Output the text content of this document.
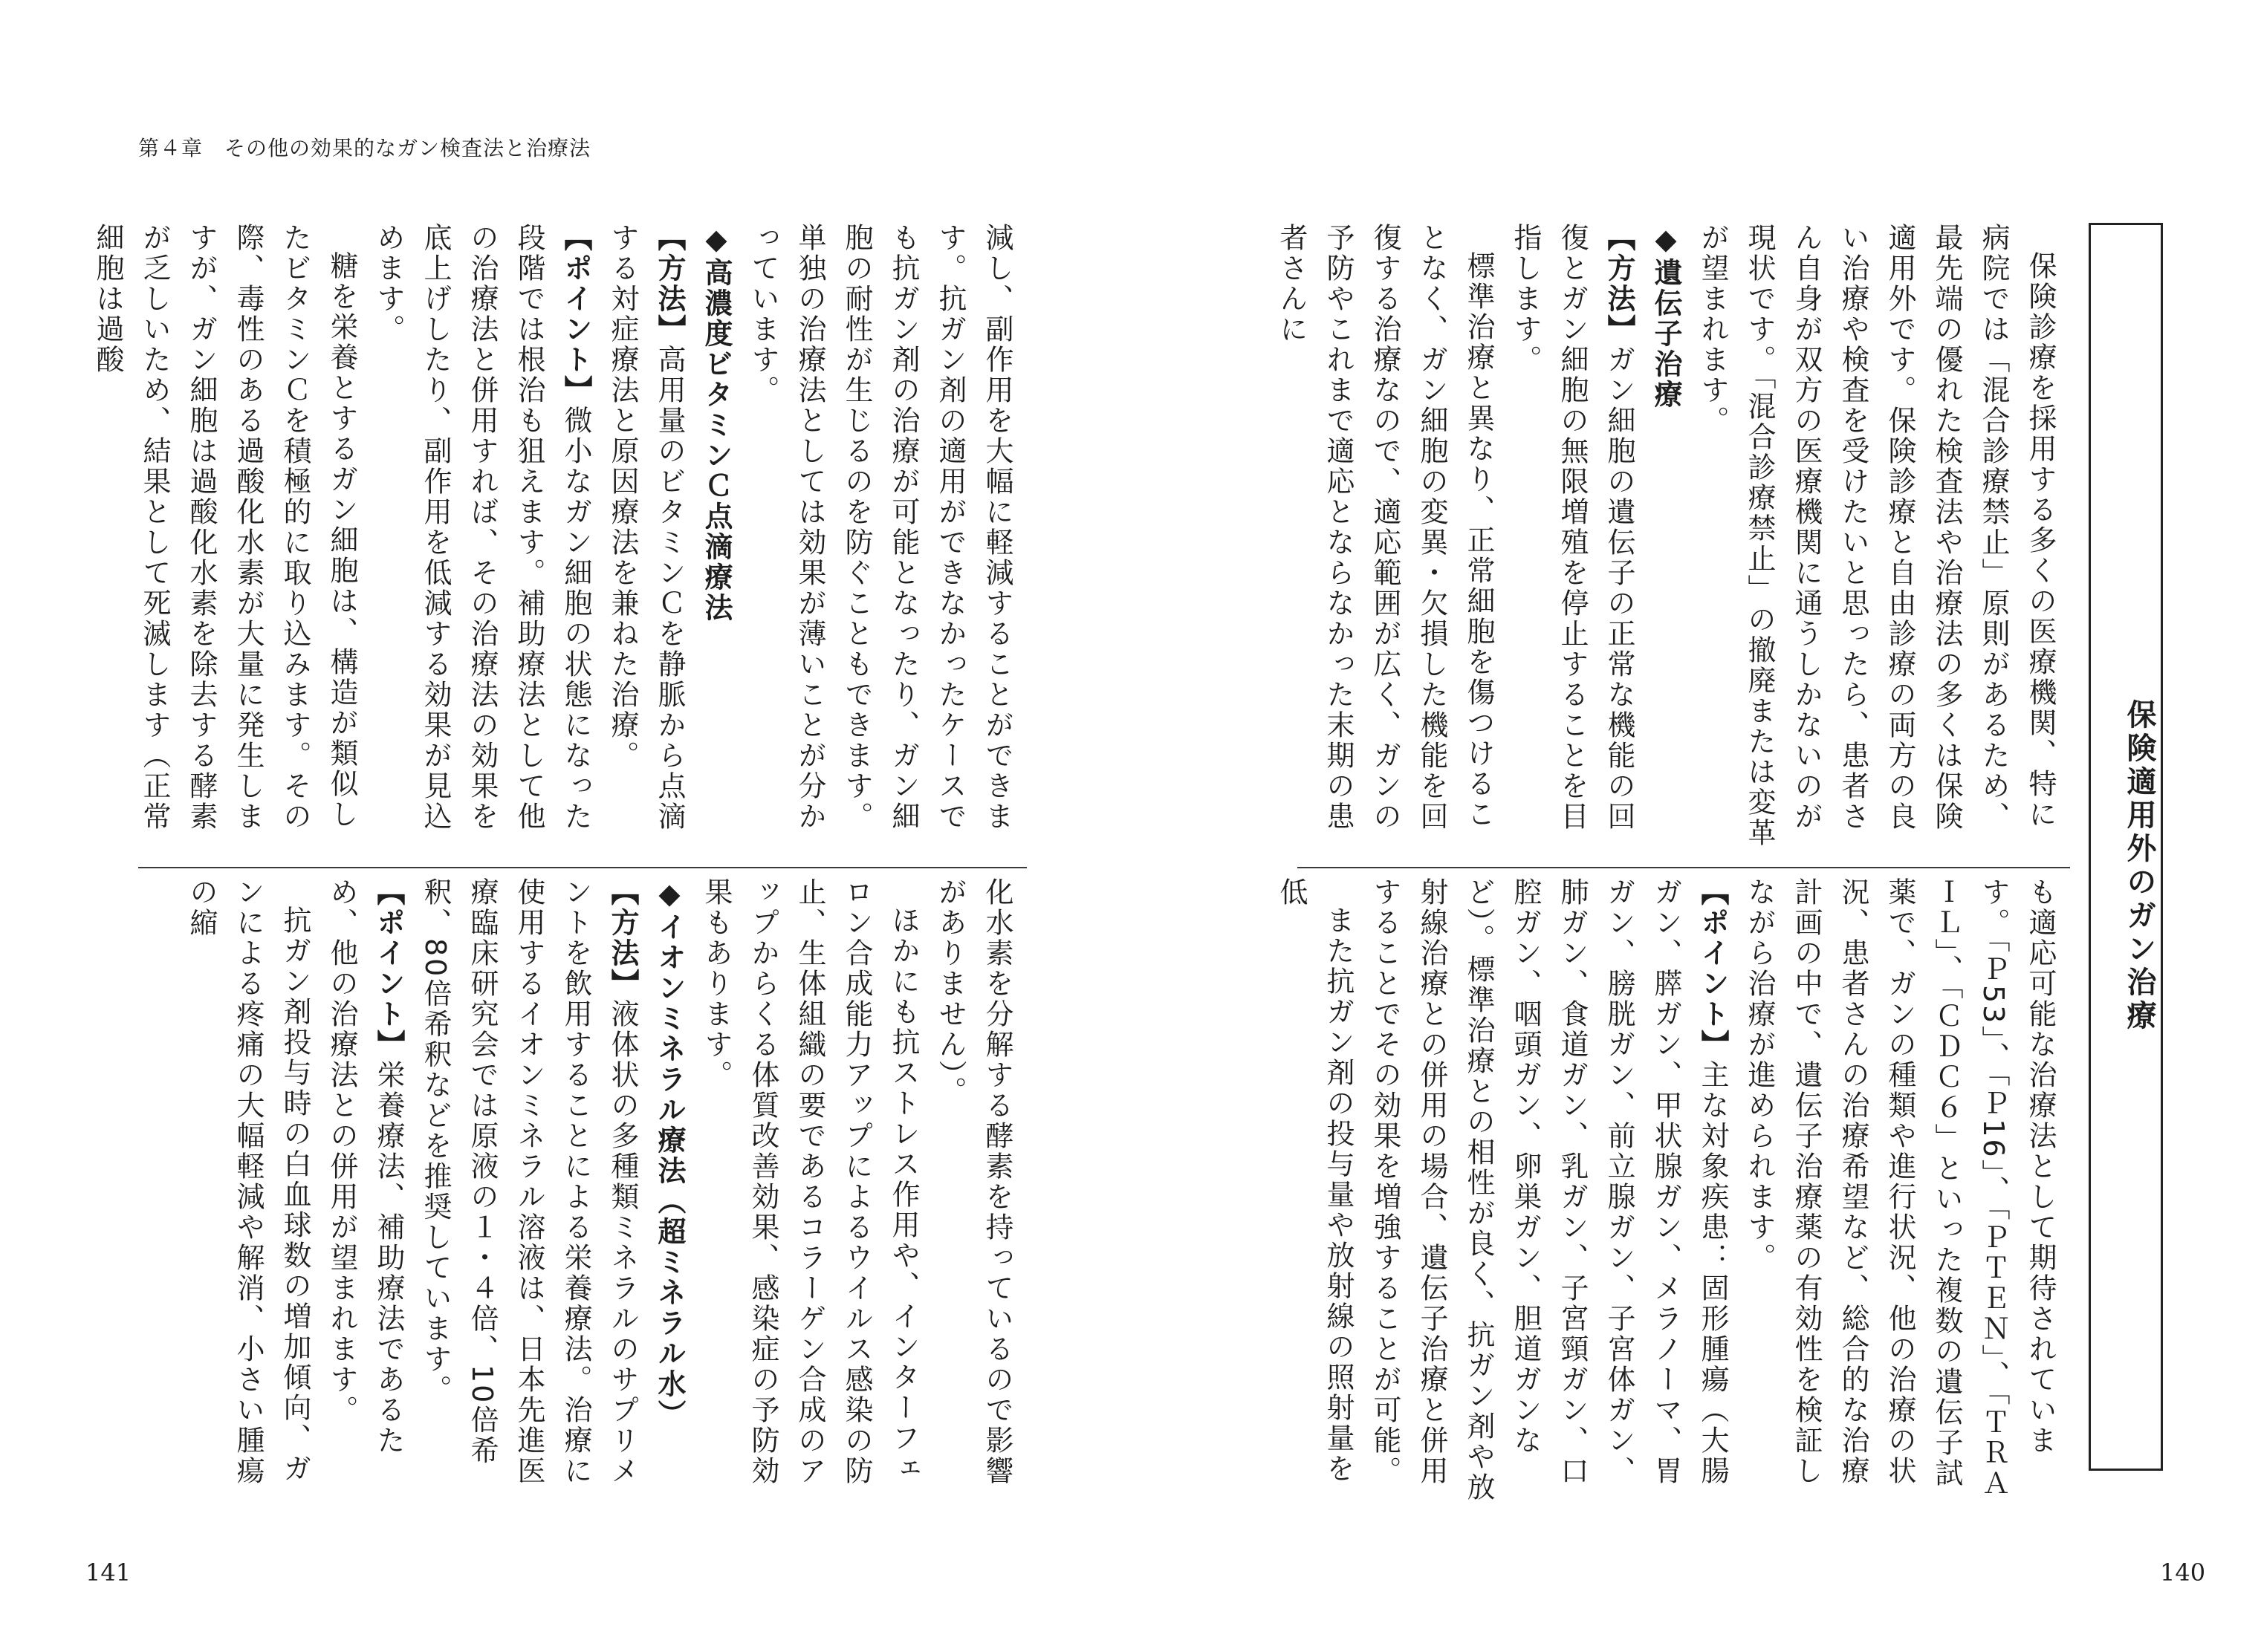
第４章　その他の効果的なガン検査法と治療法

減し、副作用を大幅に軽減することができます。抗ガン剤の適用ができなかったケースでも抗ガン剤の治療が可能となったり、ガン細胞の耐性が生じるのを防ぐこともできます。単独の治療法としては効果が薄いことが分かっています。

◆高濃度ビタミンＣ点滴療法

【方法】高用量のビタミンＣを静脈から点滴する対症療法と原因療法を兼ねた治療。

【ポイント】微小なガン細胞の状態になった段階では根治も狙えます。補助療法として他の治療法と併用すれば、その治療法の効果を底上げしたり、副作用を低減する効果が見込めます。

糖を栄養とするガン細胞は、構造が類似したビタミンＣを積極的に取り込みます。その際、毒性のある過酸化水素が大量に発生しますが、ガン細胞は過酸化水素を除去する酵素が乏しいため、結果として死滅します（正常細胞は過酸

化水素を分解する酵素を持っているので影響がありません）。

ほかにも抗ストレス作用や、インターフェロン合成能力アップによるウイルス感染の防止、生体組織の要であるコラーゲン合成のアップからくる体質改善効果、感染症の予防効果もあります。

◆イオンミネラル療法（超ミネラル水）

【方法】液体状の多種類ミネラルのサプリメントを飲用することによる栄養療法。治療に使用するイオンミネラル溶液は、日本先進医療臨床研究会では原液の１・４倍、10倍希釈、80倍希釈などを推奨しています。

【ポイント】栄養療法、補助療法であるため、他の治療法との併用が望まれます。

抗ガン剤投与時の白血球数の増加傾向、ガンによる疼痛の大幅軽減や解消、小さい腫瘍の縮

141
保険適用外のガン治療

保険診療を採用する多くの医療機関、特に病院では「混合診療禁止」原則があるため、最先端の優れた検査法や治療法の多くは保険適用外です。保険診療と自由診療の両方の良い治療や検査を受けたいと思ったら、患者さん自身が双方の医療機関に通うしかないのが現状です。「混合診療禁止」の撤廃または変革が望まれます。

◆遺伝子治療

【方法】ガン細胞の遺伝子の正常な機能の回復とガン細胞の無限増殖を停止することを目指します。

標準治療と異なり、正常細胞を傷つけることなく、ガン細胞の変異・欠損した機能を回復する治療なので、適応範囲が広く、ガンの予防やこれまで適応とならなかった末期の患者さんに

も適応可能な治療法として期待されています。「Ｐ53」、「Ｐ16」、「ＰＴＥＮ」、「ＴＲＡＩＬ」、「ＣＤＣ６」といった複数の遺伝子試薬で、ガンの種類や進行状況、他の治療の状況、患者さんの治療希望など、総合的な治療計画の中で、遺伝子治療薬の有効性を検証しながら治療が進められます。

【ポイント】主な対象疾患：固形腫瘍（大腸ガン、膵ガン、甲状腺ガン、メラノーマ、胃ガン、膀胱ガン、前立腺ガン、子宮体ガン、肺ガン、食道ガン、乳ガン、子宮頸ガン、口腔ガン、咽頭ガン、卵巣ガン、胆道ガンなど）。標準治療との相性が良く、抗ガン剤や放射線治療との併用の場合、遺伝子治療と併用することでその効果を増強することが可能。

また抗ガン剤の投与量や放射線の照射量を低

140
